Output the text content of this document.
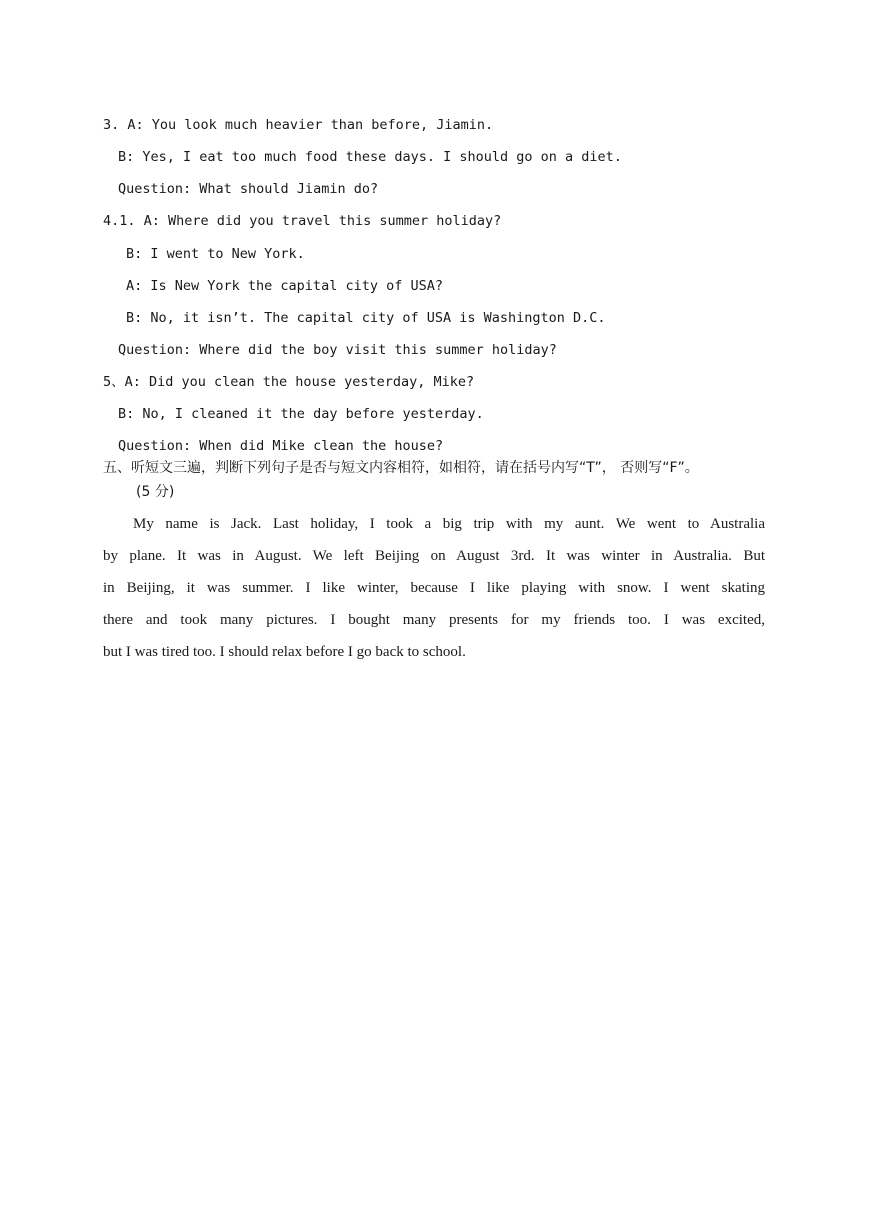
3. A: You look much heavier than before, Jiamin.
B: Yes, I eat too much food these days. I should go on a diet.
Question: What should Jiamin do?
4.1. A: Where did you travel this summer holiday?
B: I went to New York.
A: Is New York the capital city of USA?
B: No, it isn’t. The capital city of USA is Washington D.C.
Question: Where did the boy visit this summer holiday?
5、A: Did you clean the house yesterday, Mike?
B: No, I cleaned it the day before yesterday.
Question: When did Mike clean the house?
五、听短文三遍，判断下列句子是否与短文内容相符，如相符，请在括号内写“T”， 否则写“F”。
(5 分)
My name is Jack. Last holiday, I took a big trip with my aunt. We went to Australia
by plane. It was in August. We left Beijing on August 3rd. It was winter in Australia. But
in Beijing, it was summer. I like winter, because I like playing with snow. I went skating
there and took many pictures. I bought many presents for my friends too. I was excited,
but I was tired too. I should relax before I go back to school.
